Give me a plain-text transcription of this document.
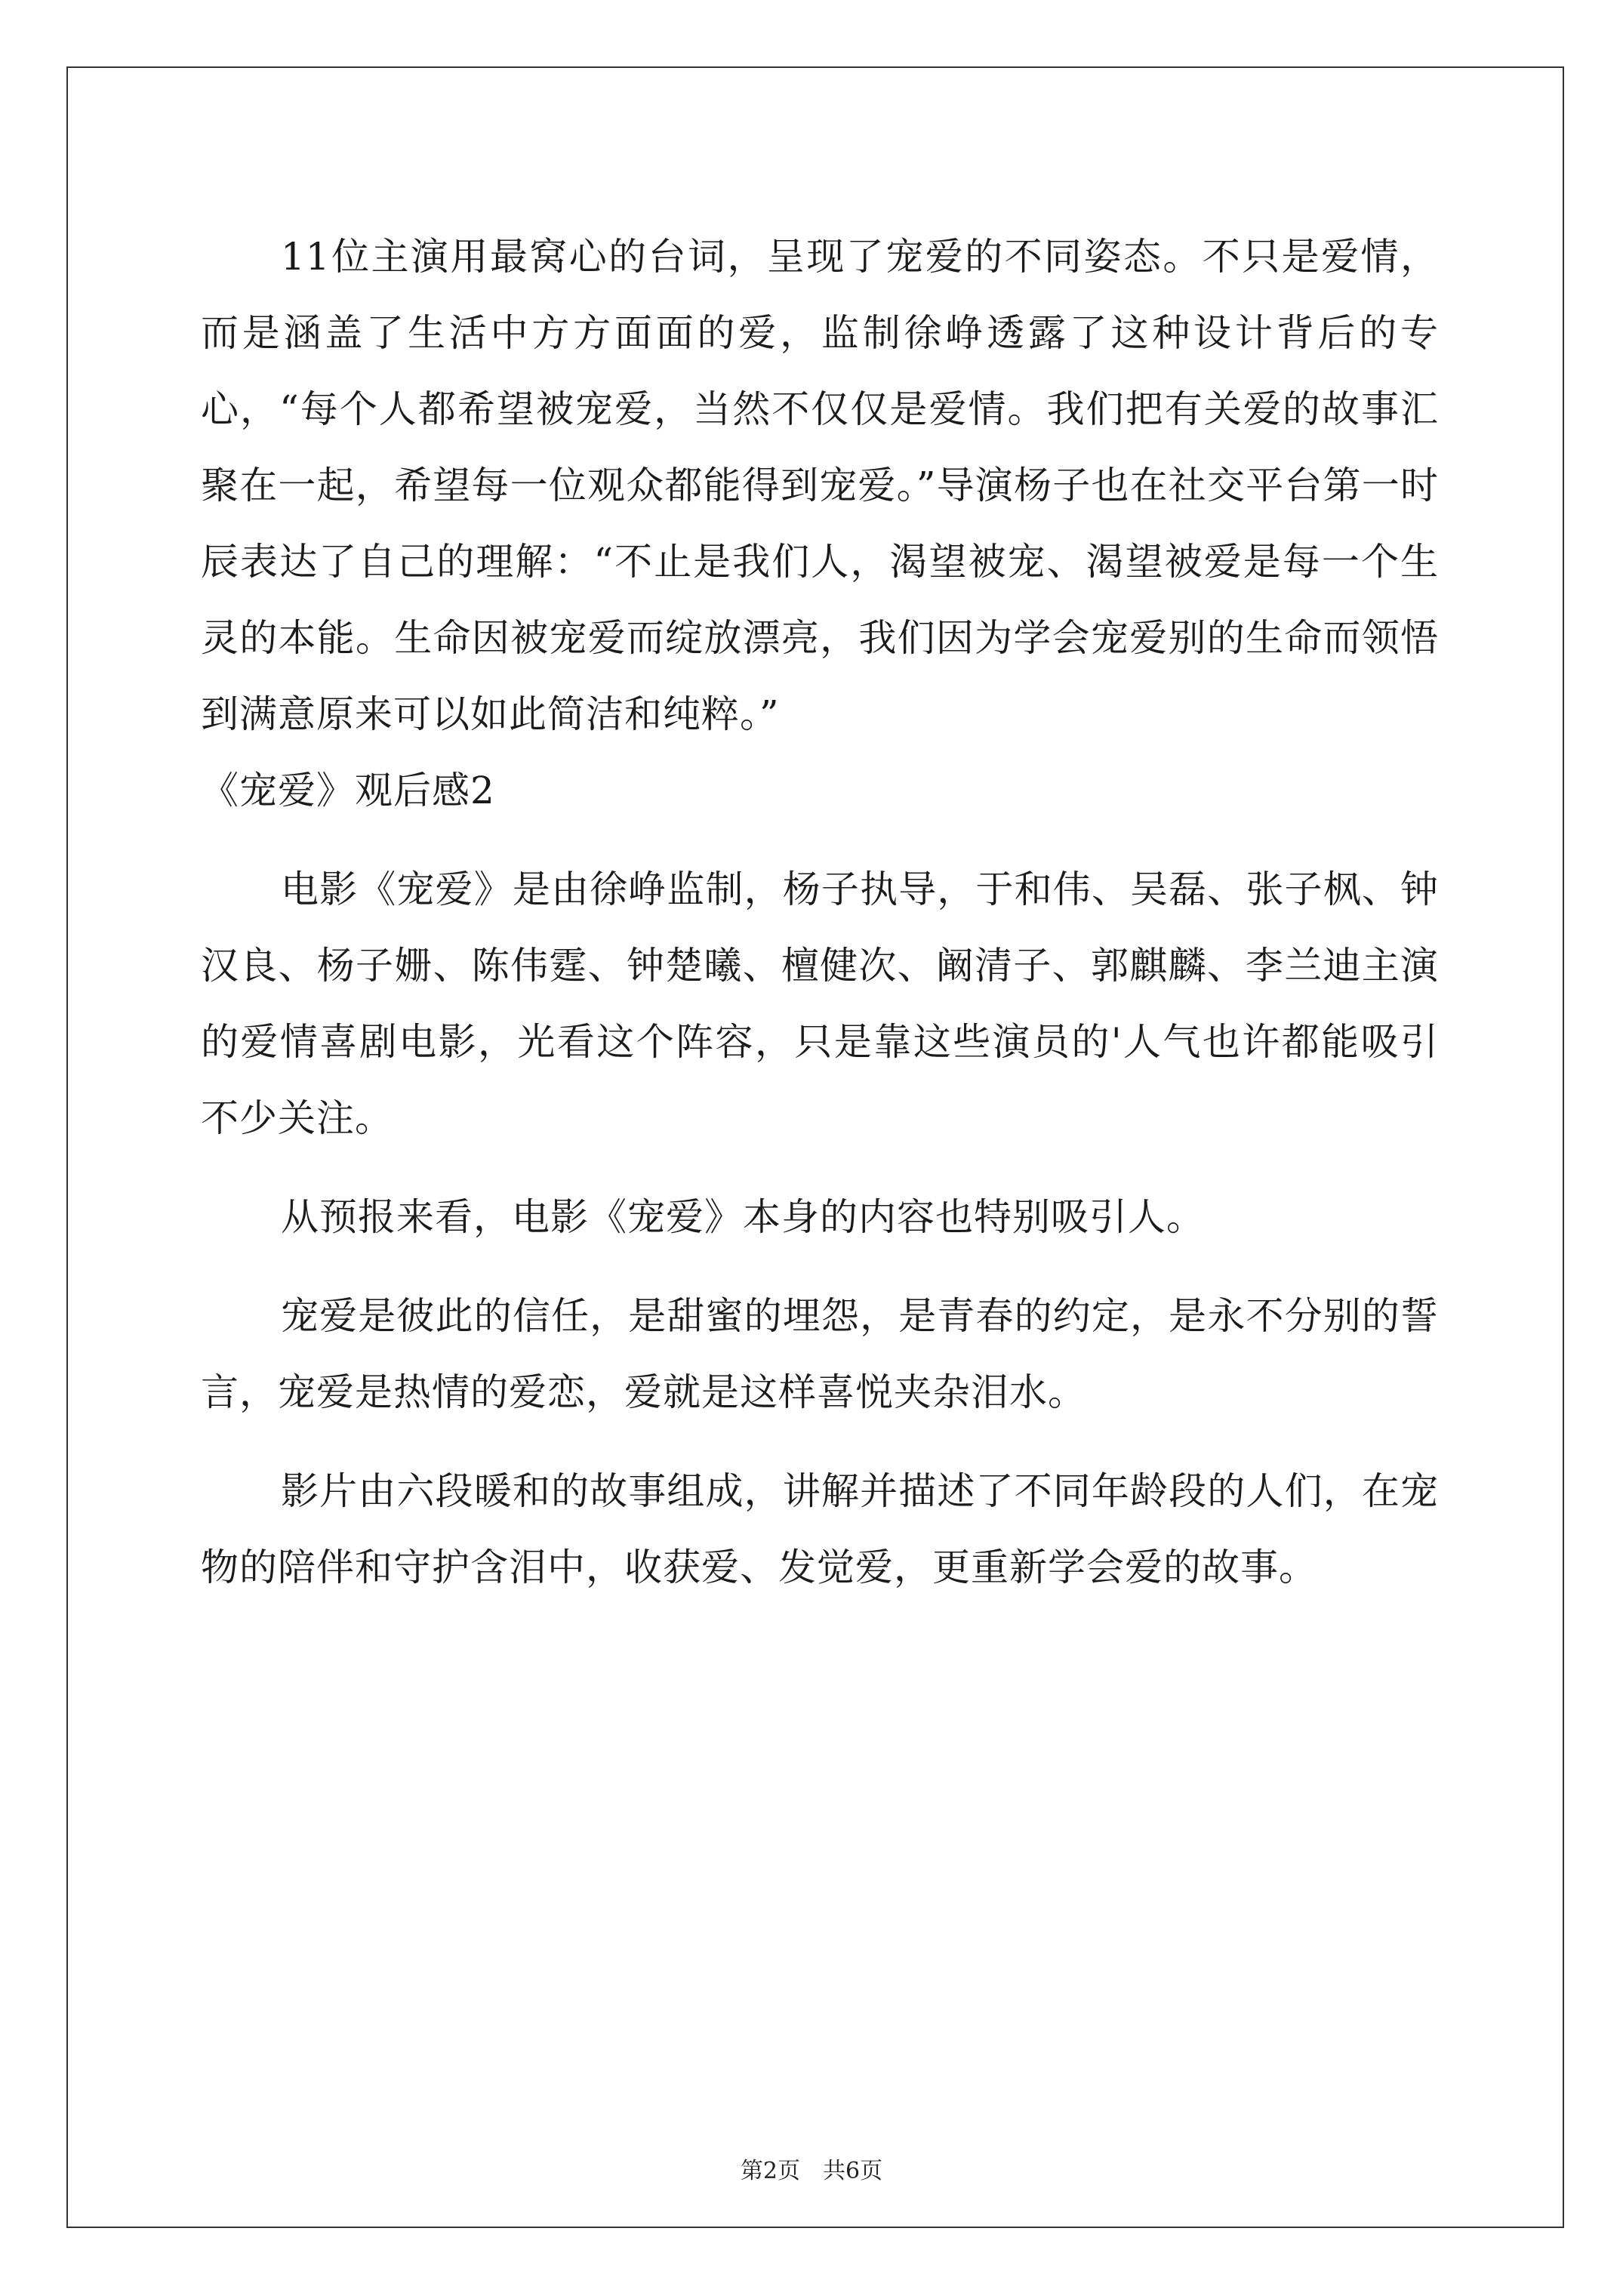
11位主演用最窝心的台词，呈现了宠爱的不同姿态。不只是爱情，而是涵盖了生活中方方面面的爱，监制徐峥透露了这种设计背后的专心，“每个人都希望被宠爱，当然不仅仅是爱情。我们把有关爱的故事汇聚在一起，希望每一位观众都能得到宠爱。”导演杨子也在社交平台第一时辰表达了自己的理解：“不止是我们人，渴望被宠、渴望被爱是每一个生灵的本能。生命因被宠爱而绽放漂亮，我们因为学会宠爱别的生命而领悟到满意原来可以如此简洁和纯粹。”

《宠爱》观后感2

电影《宠爱》是由徐峥监制，杨子执导，于和伟、吴磊、张子枫、钟汉良、杨子姗、陈伟霆、钟楚曦、檀健次、阚清子、郭麒麟、李兰迪主演的爱情喜剧电影，光看这个阵容，只是靠这些演员的'人气也许都能吸引不少关注。

从预报来看，电影《宠爱》本身的内容也特别吸引人。

宠爱是彼此的信任，是甜蜜的埋怨，是青春的约定，是永不分别的誓言，宠爱是热情的爱恋，爱就是这样喜悦夹杂泪水。

影片由六段暖和的故事组成，讲解并描述了不同年龄段的人们，在宠物的陪伴和守护含泪中，收获爱、发觉爱，更重新学会爱的故事。

第2页 共6页
